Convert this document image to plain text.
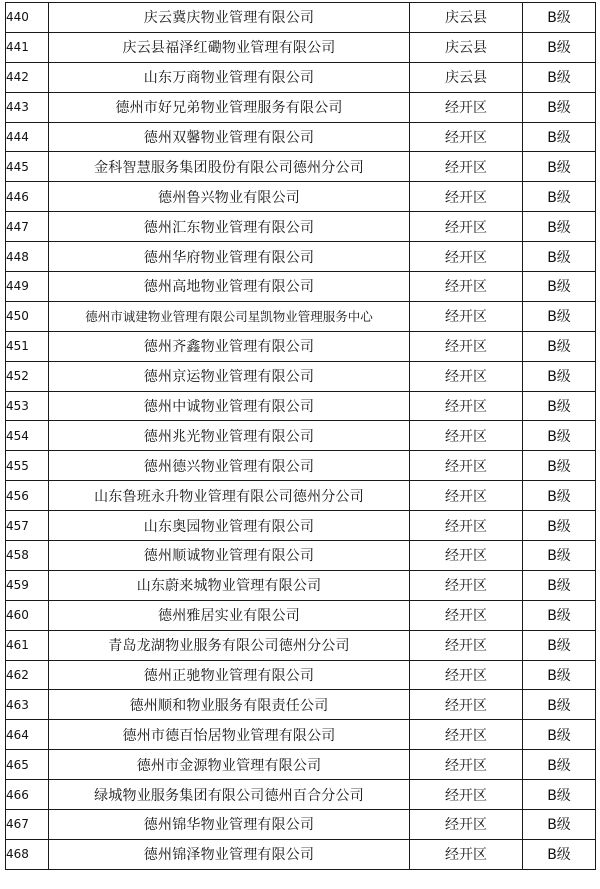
440	庆云冀庆物业管理有限公司	庆云县	B级
441	庆云县福泽红磡物业管理有限公司	庆云县	B级
442	山东万商物业管理有限公司	庆云县	B级
443	德州市好兄弟物业管理服务有限公司	经开区	B级
444	德州双馨物业管理有限公司	经开区	B级
445	金科智慧服务集团股份有限公司德州分公司	经开区	B级
446	德州鲁兴物业有限公司	经开区	B级
447	德州汇东物业管理有限公司	经开区	B级
448	德州华府物业管理有限公司	经开区	B级
449	德州高地物业管理有限公司	经开区	B级
450	德州市诚建物业管理有限公司星凯物业管理服务中心	经开区	B级
451	德州齐鑫物业管理有限公司	经开区	B级
452	德州京运物业管理有限公司	经开区	B级
453	德州中诚物业管理有限公司	经开区	B级
454	德州兆光物业管理有限公司	经开区	B级
455	德州德兴物业管理有限公司	经开区	B级
456	山东鲁班永升物业管理有限公司德州分公司	经开区	B级
457	山东奥园物业管理有限公司	经开区	B级
458	德州顺诚物业管理有限公司	经开区	B级
459	山东蔚来城物业管理有限公司	经开区	B级
460	德州雅居实业有限公司	经开区	B级
461	青岛龙湖物业服务有限公司德州分公司	经开区	B级
462	德州正驰物业管理有限公司	经开区	B级
463	德州顺和物业服务有限责任公司	经开区	B级
464	德州市德百怡居物业管理有限公司	经开区	B级
465	德州市金源物业管理有限公司	经开区	B级
466	绿城物业服务集团有限公司德州百合分公司	经开区	B级
467	德州锦华物业管理有限公司	经开区	B级
468	德州锦泽物业管理有限公司	经开区	B级
